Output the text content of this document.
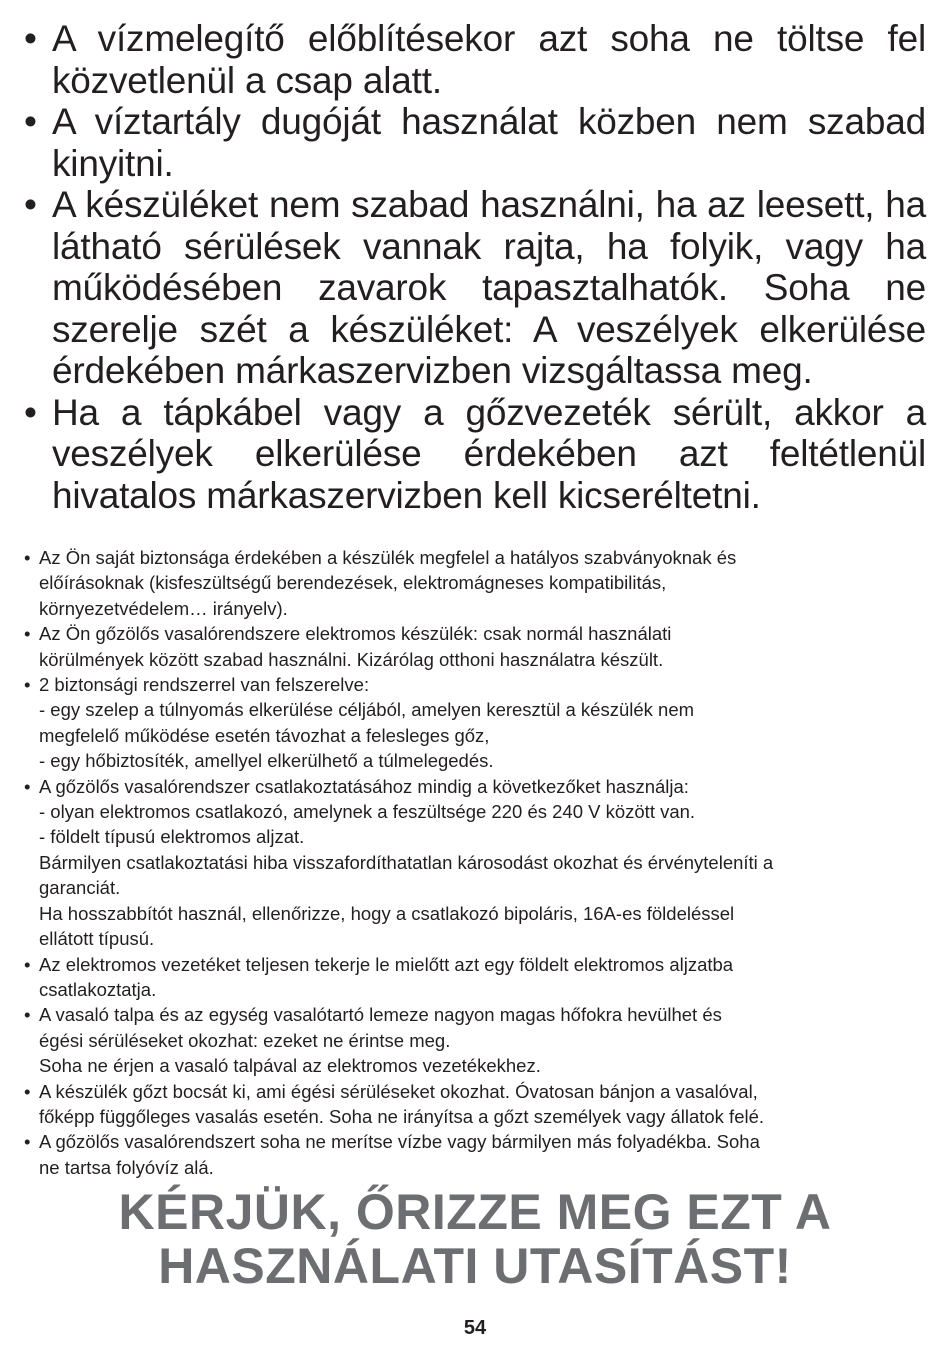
• A vízmelegítő előblítésekor azt soha ne töltse fel közvetlenül a csap alatt.
• A víztartály dugóját használat közben nem szabad kinyitni.
• A készüléket nem szabad használni, ha az leesett, ha látható sérülések vannak rajta, ha folyik, vagy ha működésében zavarok tapasztalhatók. Soha ne szerelje szét a készüléket: A veszélyek elkerülése érdekében márkaszervizben vizsgáltassa meg.
• Ha a tápkábel vagy a gőzvezeték sérült, akkor a veszélyek elkerülése érdekében azt feltétlenül hivatalos márkaszervizben kell kicseréltetni.
• Az Ön saját biztonsága érdekében a készülék megfelel a hatályos szabványoknak és
előírásoknak (kisfeszültségű berendezések, elektromágneses kompatibilitás,
környezetvédelem… irányelv).
• Az Ön gőzölős vasalórendszere elektromos készülék: csak normál használati
körülmények között szabad használni. Kizárólag otthoni használatra készült.
• 2 biztonsági rendszerrel van felszerelve:
- egy szelep a túlnyomás elkerülése céljából, amelyen keresztül a készülék nem
megfelelő működése esetén távozhat a felesleges gőz,
- egy hőbiztosíték, amellyel elkerülhető a túlmelegedés.
• A gőzölős vasalórendszer csatlakoztatásához mindig a következőket használja:
- olyan elektromos csatlakozó, amelynek a feszültsége 220 és 240 V között van.
- földelt típusú elektromos aljzat.
Bármilyen csatlakoztatási hiba visszafordíthatatlan károsodást okozhat és érvényteleníti a
garanciát.
Ha hosszabbítót használ, ellenőrizze, hogy a csatlakozó bipoláris, 16A-es földeléssel
ellátott típusú.
• Az elektromos vezetéket teljesen tekerje le mielőtt azt egy földelt elektromos aljzatba
csatlakoztatja.
• A vasaló talpa és az egység vasalótartó lemeze nagyon magas hőfokra hevülhet és
égési sérüléseket okozhat: ezeket ne érintse meg.
Soha ne érjen a vasaló talpával az elektromos vezetékekhez.
• A készülék gőzt bocsát ki, ami égési sérüléseket okozhat. Óvatosan bánjon a vasalóval,
főképp függőleges vasalás esetén. Soha ne irányítsa a gőzt személyek vagy állatok felé.
• A gőzölős vasalórendszert soha ne merítse vízbe vagy bármilyen más folyadékba. Soha
ne tartsa folyóvíz alá.
KÉRJÜK, ŐRIZZE MEG EZT A
HASZNÁLATI UTASÍTÁST!
54
